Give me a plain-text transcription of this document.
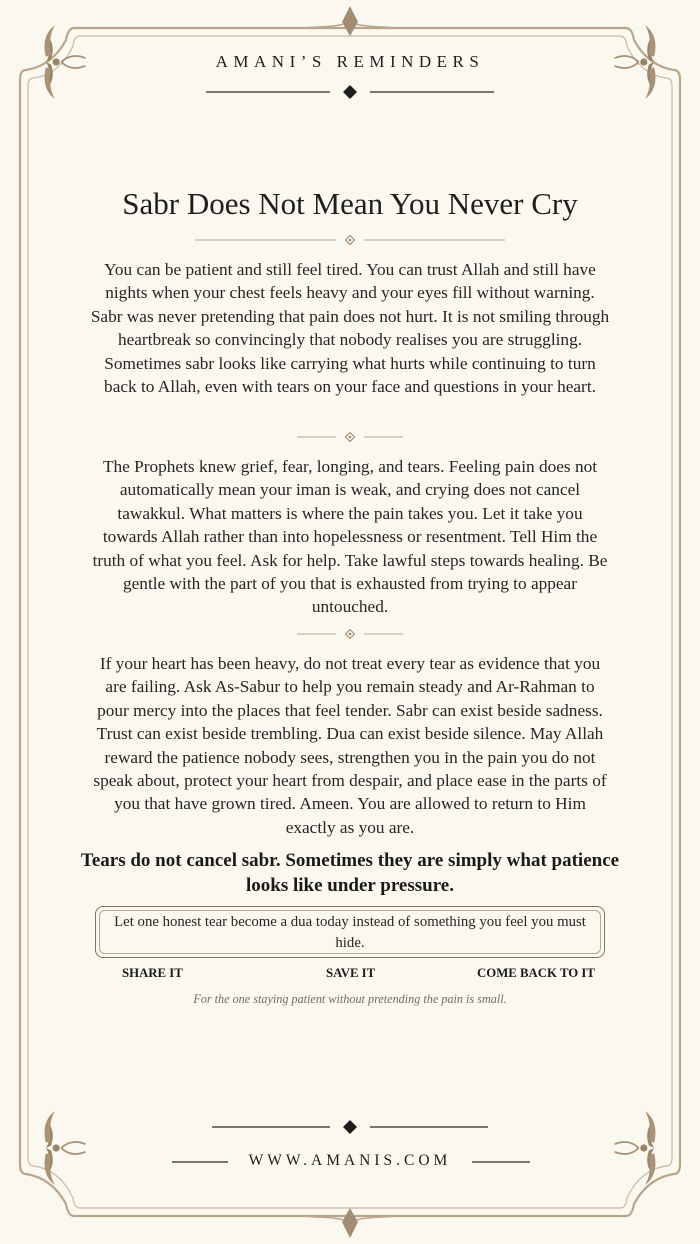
AMANI’S REMINDERS
Sabr Does Not Mean You Never Cry

You can be patient and still feel tired. You can trust Allah and still have nights when your chest feels heavy and your eyes fill without warning. Sabr was never pretending that pain does not hurt. It is not smiling through heartbreak so convincingly that nobody realises you are struggling. Sometimes sabr looks like carrying what hurts while continuing to turn back to Allah, even with tears on your face and questions in your heart.

The Prophets knew grief, fear, longing, and tears. Feeling pain does not automatically mean your iman is weak, and crying does not cancel tawakkul. What matters is where the pain takes you. Let it take you towards Allah rather than into hopelessness or resentment. Tell Him the truth of what you feel. Ask for help. Take lawful steps towards healing. Be gentle with the part of you that is exhausted from trying to appear untouched.

If your heart has been heavy, do not treat every tear as evidence that you are failing. Ask As-Sabur to help you remain steady and Ar-Rahman to pour mercy into the places that feel tender. Sabr can exist beside sadness. Trust can exist beside trembling. Dua can exist beside silence. May Allah reward the patience nobody sees, strengthen you in the pain you do not speak about, protect your heart from despair, and place ease in the parts of you that have grown tired. Ameen. You are allowed to return to Him exactly as you are.

Tears do not cancel sabr. Sometimes they are simply what patience looks like under pressure.

Let one honest tear become a dua today instead of something you feel you must hide.
SHARE IT	SAVE IT	COME BACK TO IT
For the one staying patient without pretending the pain is small.
WWW.AMANIS.COM
